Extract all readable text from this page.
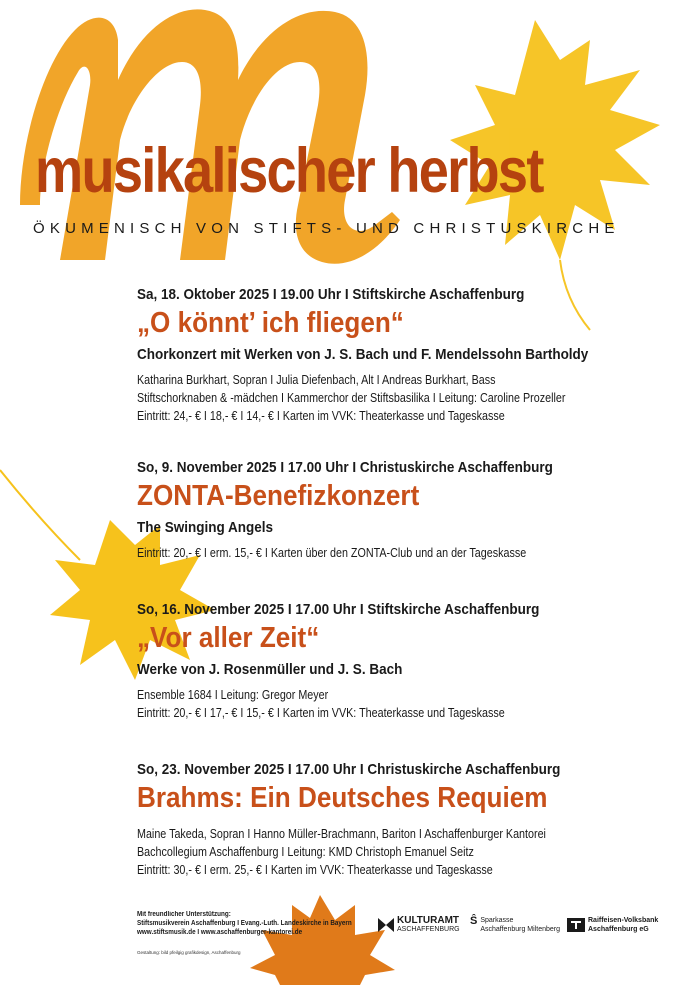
musikalischer herbst
ÖKUMENISCH VON STIFTS- UND CHRISTUSKIRCHE
Sa, 18. Oktober 2025 I 19.00 Uhr I Stiftskirche Aschaffenburg
„O könnt’ ich fliegen“
Chorkonzert mit Werken von J. S. Bach und F. Mendelssohn Bartholdy
Katharina Burkhart, Sopran I Julia Diefenbach, Alt I Andreas Burkhart, Bass
Stiftschorknaben & -mädchen I Kammerchor der Stiftsbasilika I Leitung: Caroline Prozeller
Eintritt: 24,- € I 18,- € I 14,- € I Karten im VVK: Theaterkasse und Tageskasse
So, 9. November 2025 I 17.00 Uhr I Christuskirche Aschaffenburg
ZONTA-Benefizkonzert
The Swinging Angels
Eintritt: 20,- € I erm. 15,- € I Karten über den ZONTA-Club und an der Tageskasse
So, 16. November 2025 I 17.00 Uhr I Stiftskirche Aschaffenburg
„Vor aller Zeit“
Werke von J. Rosenmüller und J. S. Bach
Ensemble 1684 I Leitung: Gregor Meyer
Eintritt: 20,- € I 17,- € I 15,- € I Karten im VVK: Theaterkasse und Tageskasse
So, 23. November 2025 I 17.00 Uhr I Christuskirche Aschaffenburg
Brahms: Ein Deutsches Requiem
Maine Takeda, Sopran I Hanno Müller-Brachmann, Bariton I Aschaffenburger Kantorei
Bachcollegium Aschaffenburg I Leitung: KMD Christoph Emanuel Seitz
Eintritt: 30,- € I erm. 25,- € I Karten im VVK: Theaterkasse und Tageskasse
Mit freundlicher Unterstützung:
Stiftsmusikverein Aschaffenburg I Evang.-Luth. Landeskirche in Bayern
www.stiftsmusik.de I www.aschaffenburger-kantorei.de
Gestaltung: bild pfeilgig grafikdesign, Aschaffenburg
KULTURAMT
ASCHAFFENBURG
Ŝ Sparkasse
Aschaffenburg Miltenberg
Raiffeisen-Volksbank
Aschaffenburg eG
